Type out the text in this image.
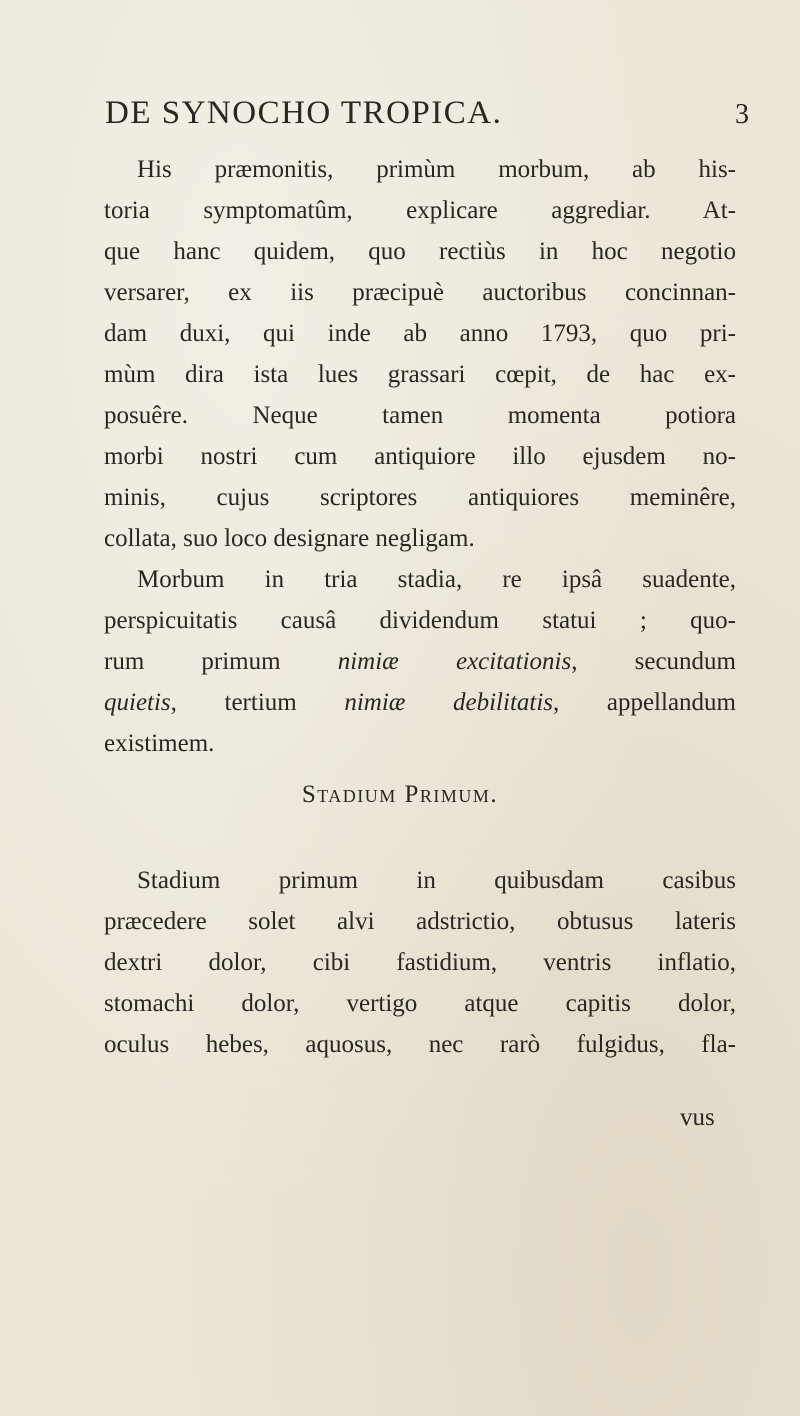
DE SYNOCHO TROPICA.	3
His præmonitis, primùm morbum, ab his-
toria symptomatûm, explicare aggrediar. At-
que hanc quidem, quo rectiùs in hoc negotio
versarer, ex iis præcipuè auctoribus concinnan-
dam duxi, qui inde ab anno 1793, quo pri-
mùm dira ista lues grassari cœpit, de hac ex-
posuêre. Neque tamen momenta potiora
morbi nostri cum antiquiore illo ejusdem no-
minis, cujus scriptores antiquiores meminêre,
collata, suo loco designare negligam.
Morbum in tria stadia, re ipsâ suadente,
perspicuitatis causâ dividendum statui ; quo-
rum primum nimiæ excitationis, secundum
quietis, tertium nimiæ debilitatis, appellandum
existimem.
Stadium Primum.
Stadium primum in quibusdam casibus
præcedere solet alvi adstrictio, obtusus lateris
dextri dolor, cibi fastidium, ventris inflatio,
stomachi dolor, vertigo atque capitis dolor,
oculus hebes, aquosus, nec rarò fulgidus, fla-
vus
